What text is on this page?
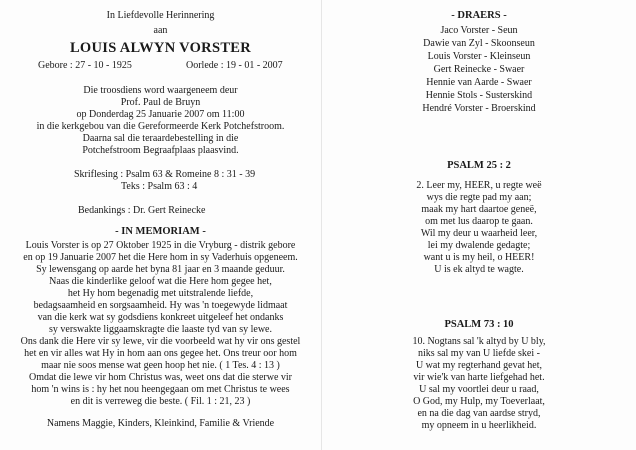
In Liefdevolle Herinnering
aan
LOUIS ALWYN VORSTER
Gebore : 27 - 10 - 1925	Oorlede : 19 - 01 - 2007
Die troosdiens word waargeneem deur
Prof. Paul de Bruyn
op Donderdag 25 Januarie 2007 om 11:00
in die kerkgebou van die Gereformeerde Kerk Potchefstroom.
Daarna sal die teraardebestelling in die
Potchefstroom Begraafplaas plaasvind.
Skriflesing : Psalm 63 & Romeine 8 : 31 - 39
Teks : Psalm 63 : 4
Bedankings : Dr. Gert Reinecke
- IN MEMORIAM -
Louis Vorster is op 27 Oktober 1925 in die Vryburg - distrik gebore
en op 19 Januarie 2007 het die Here hom in sy Vaderhuis opgeneem.
Sy lewensgang op aarde het byna 81 jaar en 3 maande geduur.
Naas die kinderlike geloof wat die Here hom gegee het,
het Hy hom begenadig met uitstralende liefde,
bedagsaamheid en sorgsaamheid. Hy was 'n toegewyde lidmaat
van die kerk wat sy godsdiens konkreet uitgeleef het ondanks
sy verswakte liggaamskragte die laaste tyd van sy lewe.
Ons dank die Here vir sy lewe, vir die voorbeeld wat hy vir ons gestel
het en vir alles wat Hy in hom aan ons gegee het. Ons treur oor hom
maar nie soos mense wat geen hoop het nie. ( 1 Tes. 4 : 13 )
Omdat die lewe vir hom Christus was, weet ons dat die sterwe vir
hom 'n wins is : hy het nou heengegaan om met Christus te wees
en dit is verreweg die beste. ( Fil. 1 : 21, 23 )
Namens Maggie, Kinders, Kleinkind, Familie & Vriende
- DRAERS -
Jaco Vorster - Seun
Dawie van Zyl - Skoonseun
Louis Vorster - Kleinseun
Gert Reinecke - Swaer
Hennie van Aarde - Swaer
Hennie Stols - Susterskind
Hendré Vorster - Broerskind
PSALM 25 : 2
2. Leer my, HEER, u regte weë
wys die regte pad my aan;
maak my hart daartoe geneë,
om met lus daarop te gaan.
Wil my deur u waarheid leer,
lei my dwalende gedagte;
want u is my heil, o HEER!
U is ek altyd te wagte.
PSALM 73 : 10
10. Nogtans sal 'k altyd by U bly,
niks sal my van U liefde skei -
U wat my regterhand gevat het,
vir wie'k van harte liefgehad het.
U sal my voortlei deur u raad,
O God, my Hulp, my Toeverlaat,
en na die dag van aardse stryd,
my opneem in u heerlikheid.
